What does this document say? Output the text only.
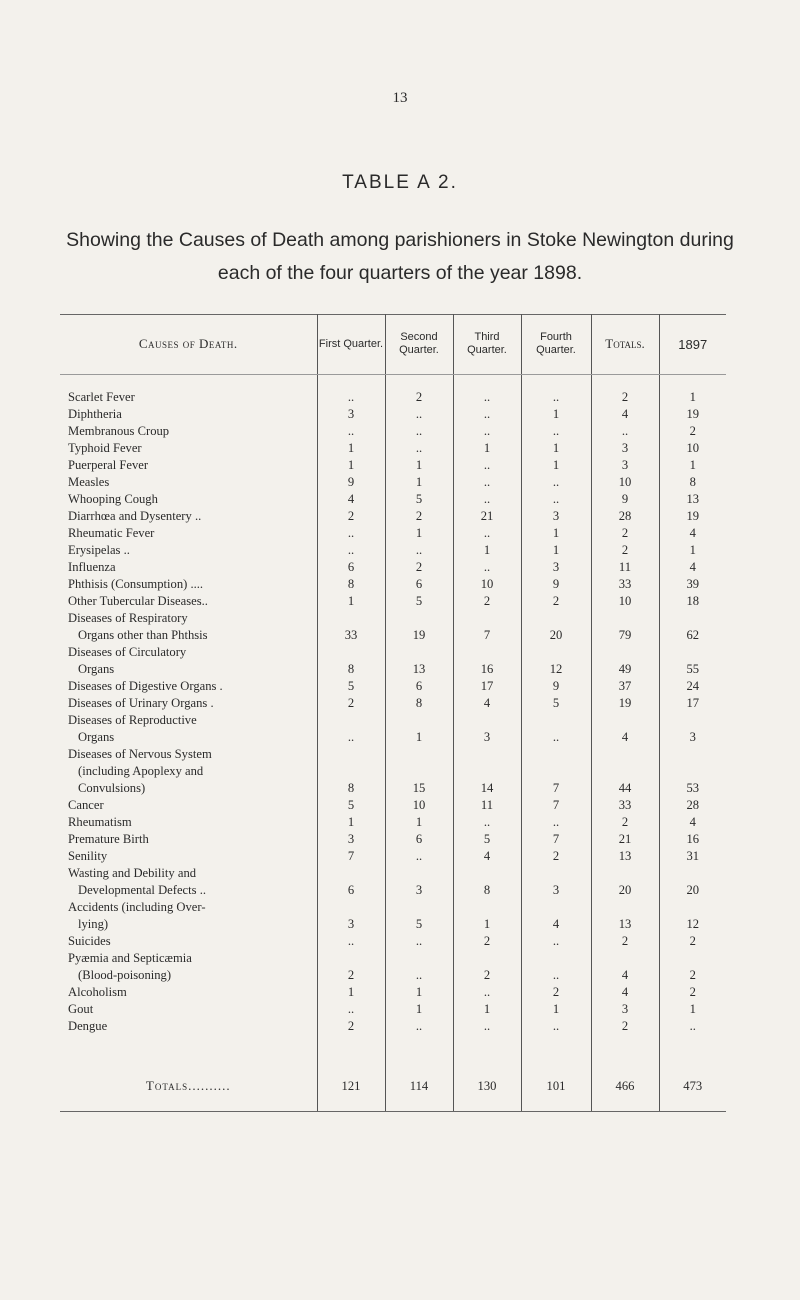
13
TABLE A 2.
Showing the Causes of Death among parishioners in Stoke Newington during each of the four quarters of the year 1898.
Causes of Death.	First Quarter.	Second Quarter.	Third Quarter.	Fourth Quarter.	Totals.	1897

Scarlet Fever	..	2	..	..	2	1

Diphtheria	3	..	..	1	4	19

Membranous Croup	..	..	..	..	..	2

Typhoid Fever	1	..	1	1	3	10

Puerperal Fever	1	1	..	1	3	1

Measles	9	1	..	..	10	8

Whooping Cough	4	5	..	..	9	13

Diarrhœa and Dysentery ..	2	2	21	3	28	19

Rheumatic Fever	..	1	..	1	2	4

Erysipelas ..	..	..	1	1	2	1

Influenza	6	2	..	3	11	4

Phthisis (Consumption) ....	8	6	10	9	33	39

Other Tubercular Diseases..	1	5	2	2	10	18

Diseases of Respiratory
Organs other than Phthsis	33	19	7	20	79	62

Diseases of Circulatory
Organs	8	13	16	12	49	55

Diseases of Digestive Organs .	5	6	17	9	37	24

Diseases of Urinary Organs .	2	8	4	5	19	17

Diseases of Reproductive
Organs	..	1	3	..	4	3

Diseases of Nervous System
(including Apoplexy and
Convulsions)	8	15	14	7	44	53

Cancer	5	10	11	7	33	28

Rheumatism	1	1	..	..	2	4

Premature Birth	3	6	5	7	21	16

Senility	7	..	4	2	13	31

Wasting and Debility and
Developmental Defects ..	6	3	8	3	20	20

Accidents (including Over-
lying)	3	5	1	4	13	12

Suicides	..	..	2	..	2	2

Pyæmia and Septicæmia
(Blood-poisoning)	2	..	2	..	4	2

Alcoholism	1	1	..	2	4	2

Gout	..	1	1	1	3	1

Dengue	2	..	..	..	2	..

Totals..........	121	114	130	101	466	473
